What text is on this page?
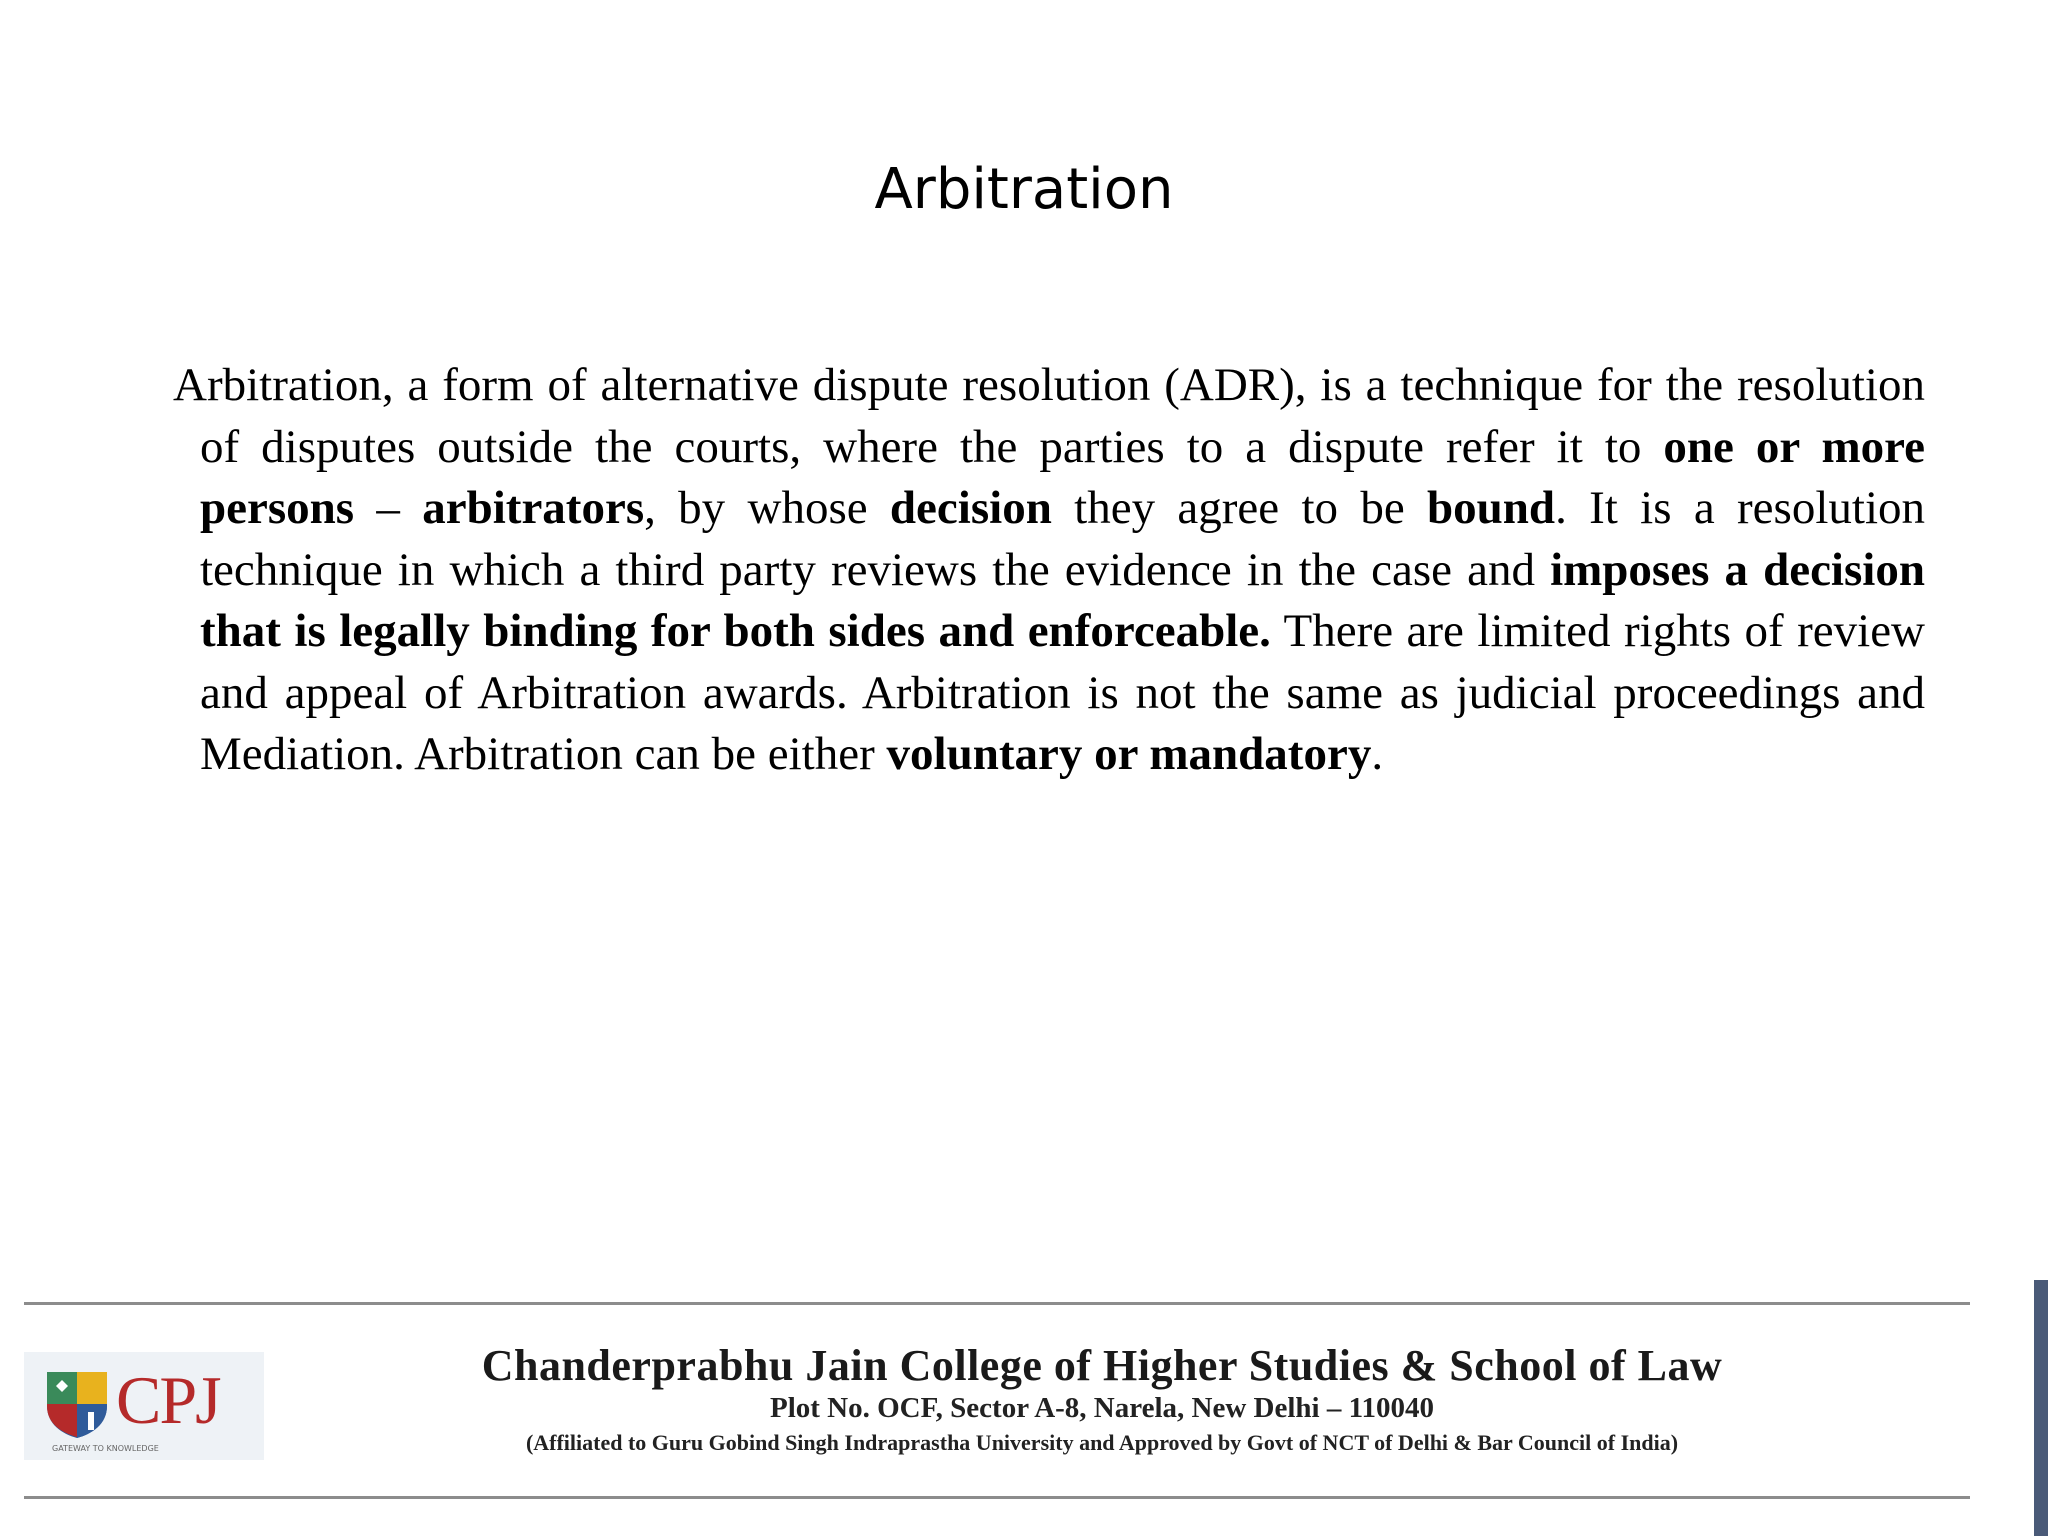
Arbitration

Arbitration, a form of alternative dispute resolution (ADR), is a technique for the resolution of disputes outside the courts, where the parties to a dispute refer it to one or more persons – arbitrators, by whose decision they agree to be bound. It is a resolution technique in which a third party reviews the evidence in the case and imposes a decision that is legally binding for both sides and enforceable. There are limited rights of review and appeal of Arbitration awards. Arbitration is not the same as judicial proceedings and Mediation. Arbitration can be either voluntary or mandatory.

CPJ
GATEWAY TO KNOWLEDGE
Chanderprabhu Jain College of Higher Studies & School of Law
Plot No. OCF, Sector A-8, Narela, New Delhi – 110040
(Affiliated to Guru Gobind Singh Indraprastha University and Approved by Govt of NCT of Delhi & Bar Council of India)
